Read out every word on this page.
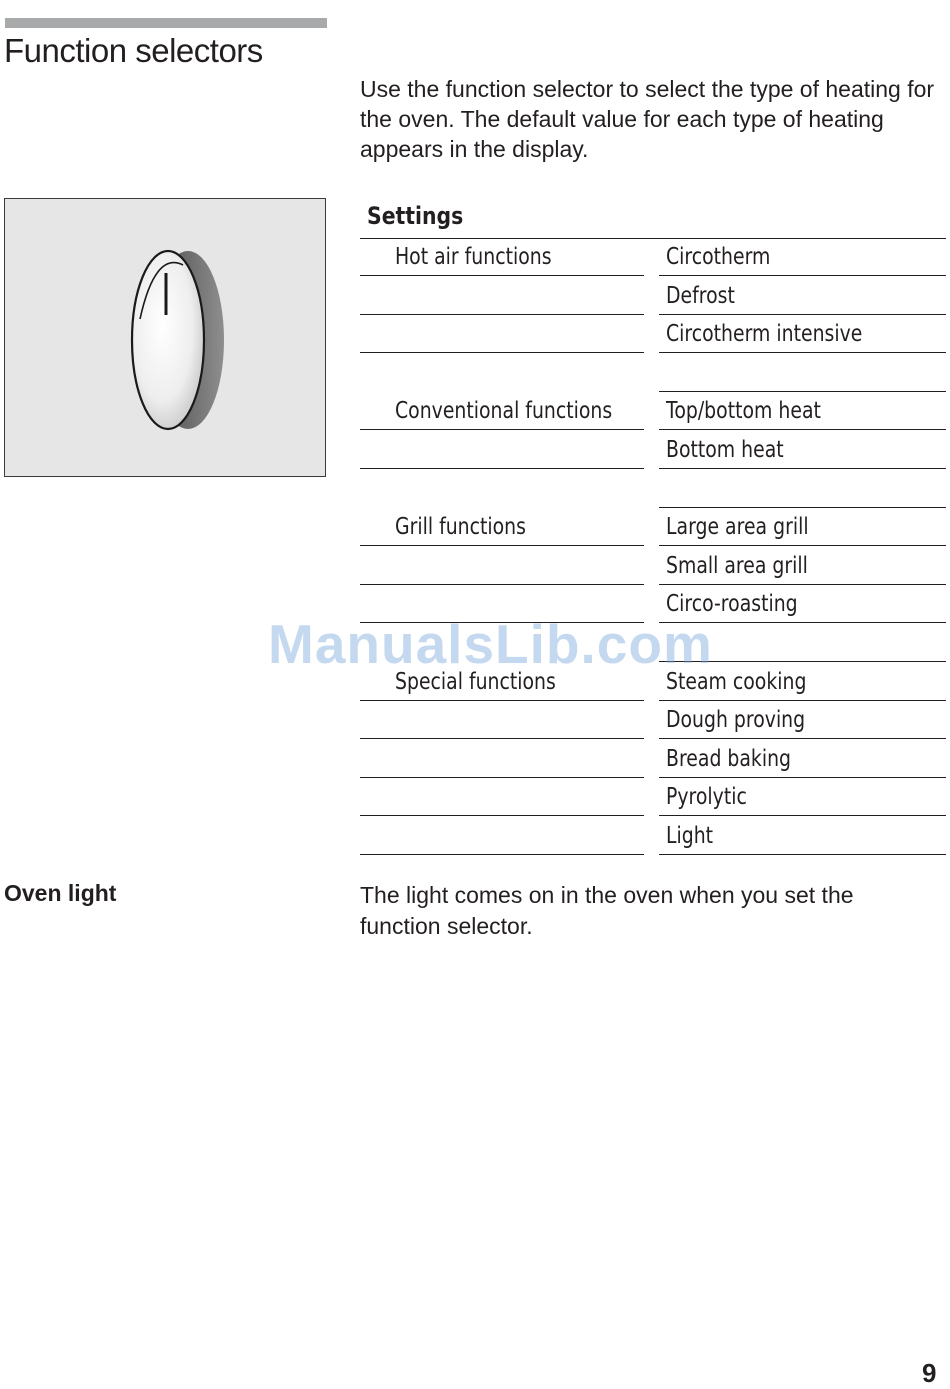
Function selectors

Use the function selector to select the type of heating for the oven. The default value for each type of heating appears in the display.

Settings
Hot air functions	Circotherm
Defrost
Circotherm intensive
Conventional functions	Top/bottom heat
Bottom heat
Grill functions	Large area grill
Small area grill
Circo-roasting
Special functions	Steam cooking
Dough proving
Bread baking
Pyrolytic
Light
ManualsLib.com

Oven light	The light comes on in the oven when you set the function selector.

9
